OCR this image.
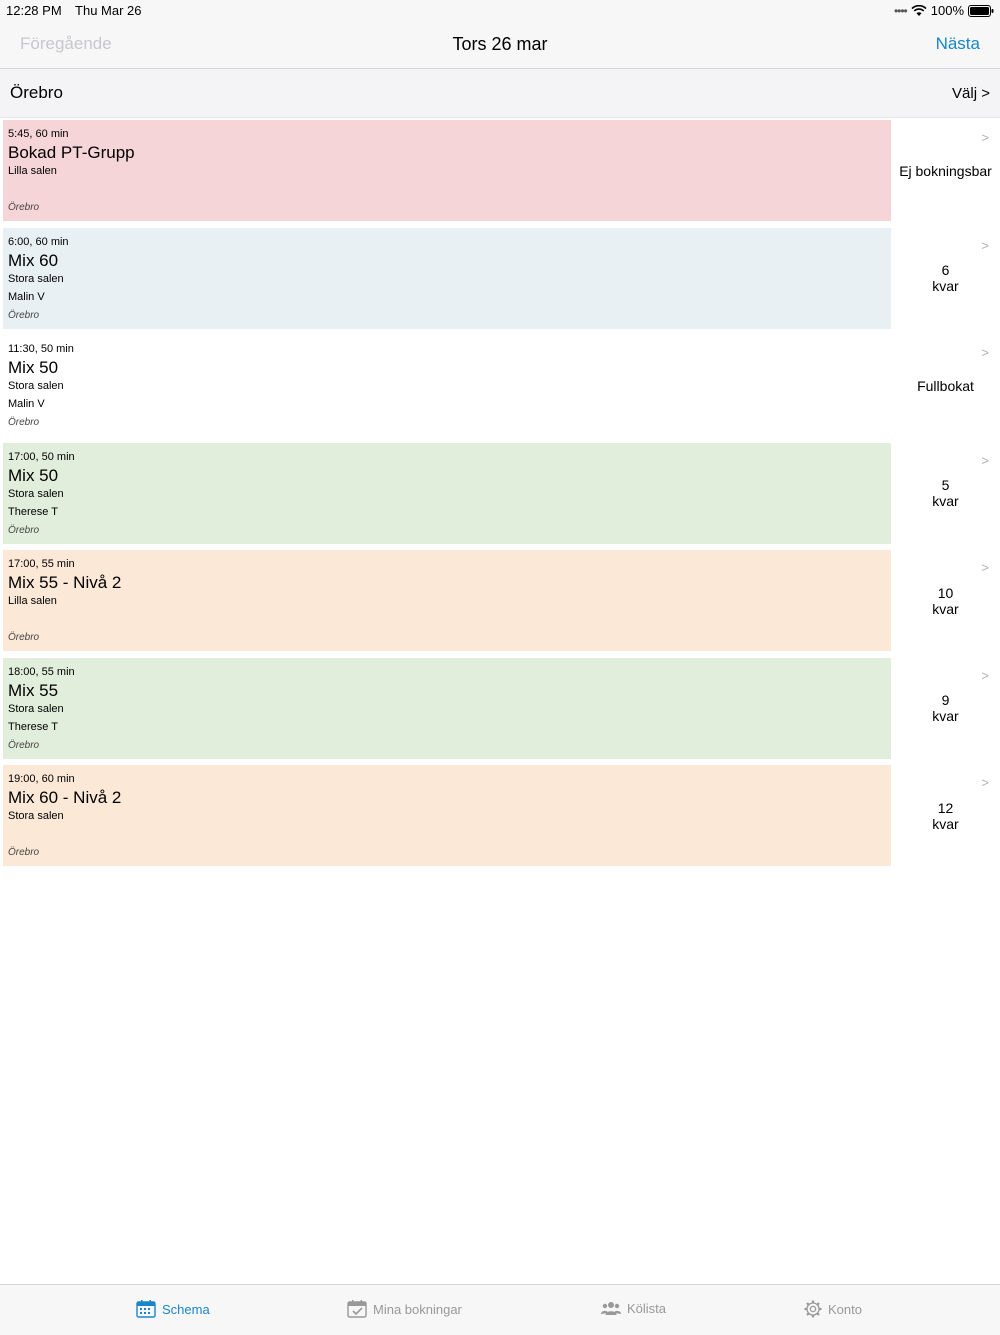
12:28 PM Thu Mar 26	•••• 100%
Föregående	Tors 26 mar	Nästa
Örebro	Välj >
5:45, 60 min
Bokad PT-Grupp
Lilla salen
Örebro
>
Ej bokningsbar
6:00, 60 min
Mix 60
Stora salen
Malin V
Örebro
>
6
kvar
11:30, 50 min
Mix 50
Stora salen
Malin V
Örebro
>
Fullbokat
17:00, 50 min
Mix 50
Stora salen
Therese T
Örebro
>
5
kvar
17:00, 55 min
Mix 55 - Nivå 2
Lilla salen
Örebro
>
10
kvar
18:00, 55 min
Mix 55
Stora salen
Therese T
Örebro
>
9
kvar
19:00, 60 min
Mix 60 - Nivå 2
Stora salen
Örebro
>
12
kvar
Schema	Mina bokningar	Kölista	Konto
